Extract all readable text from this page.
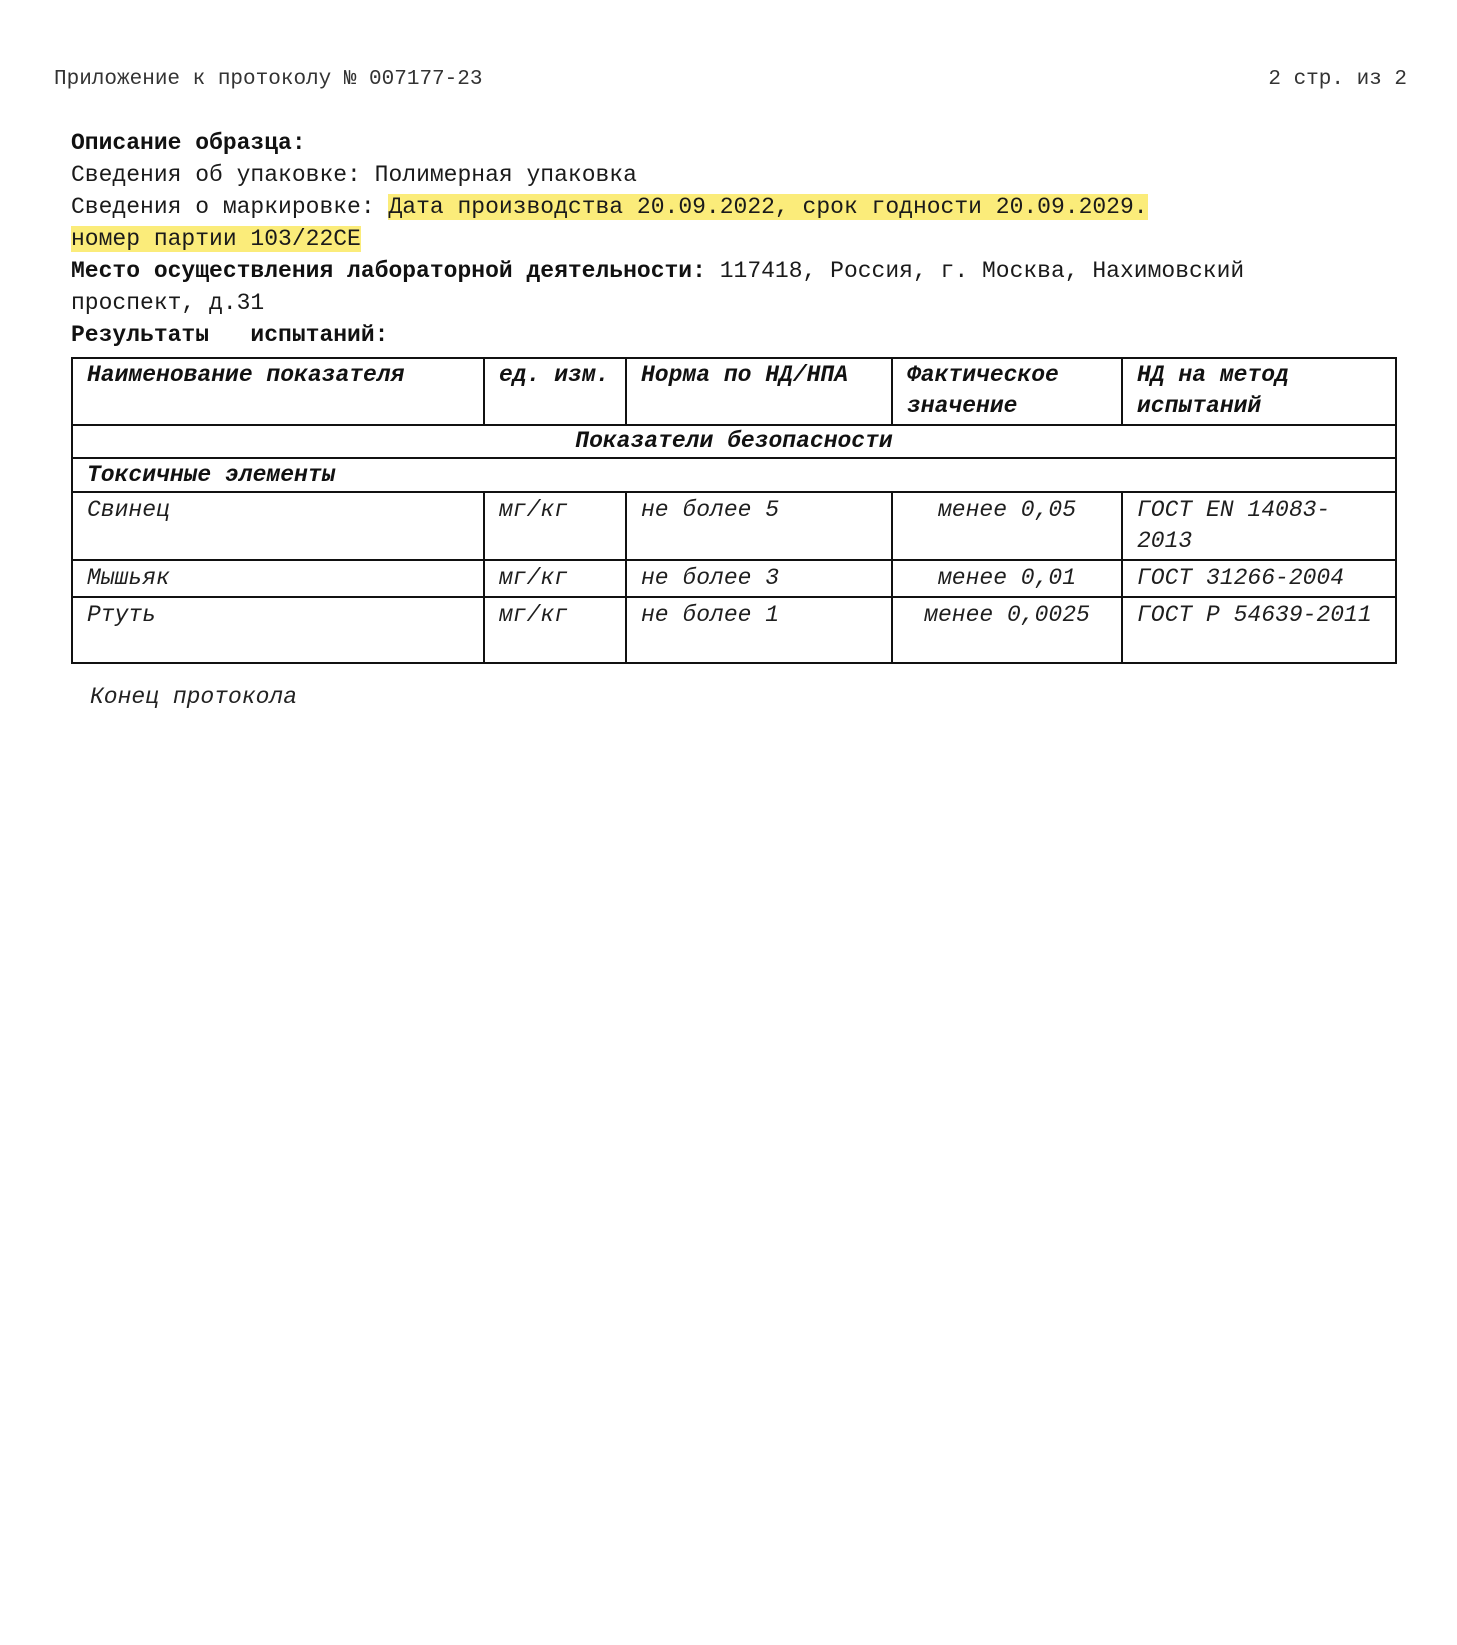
Приложение к протоколу № 007177-23	2 стр. из 2
Описание образца:
Сведения об упаковке: Полимерная упаковка
Сведения о маркировке: Дата производства 20.09.2022, срок годности 20.09.2029.
номер партии 103/22СЕ
Место осуществления лабораторной деятельности: 117418, Россия, г. Москва, Нахимовский
проспект, д.31
Результаты   испытаний:
Наименование показателя	ед. изм.	Норма по НД/НПА	Фактическое значение	НД на метод испытаний
Показатели безопасности				
Токсичные элементы				
Свинец	мг/кг	не более 5	менее 0,05	ГОСТ EN 14083-2013
Мышьяк	мг/кг	не более 3	менее 0,01	ГОСТ 31266-2004
Ртуть	мг/кг	не более 1	менее 0,0025	ГОСТ Р 54639-2011
Конец протокола
